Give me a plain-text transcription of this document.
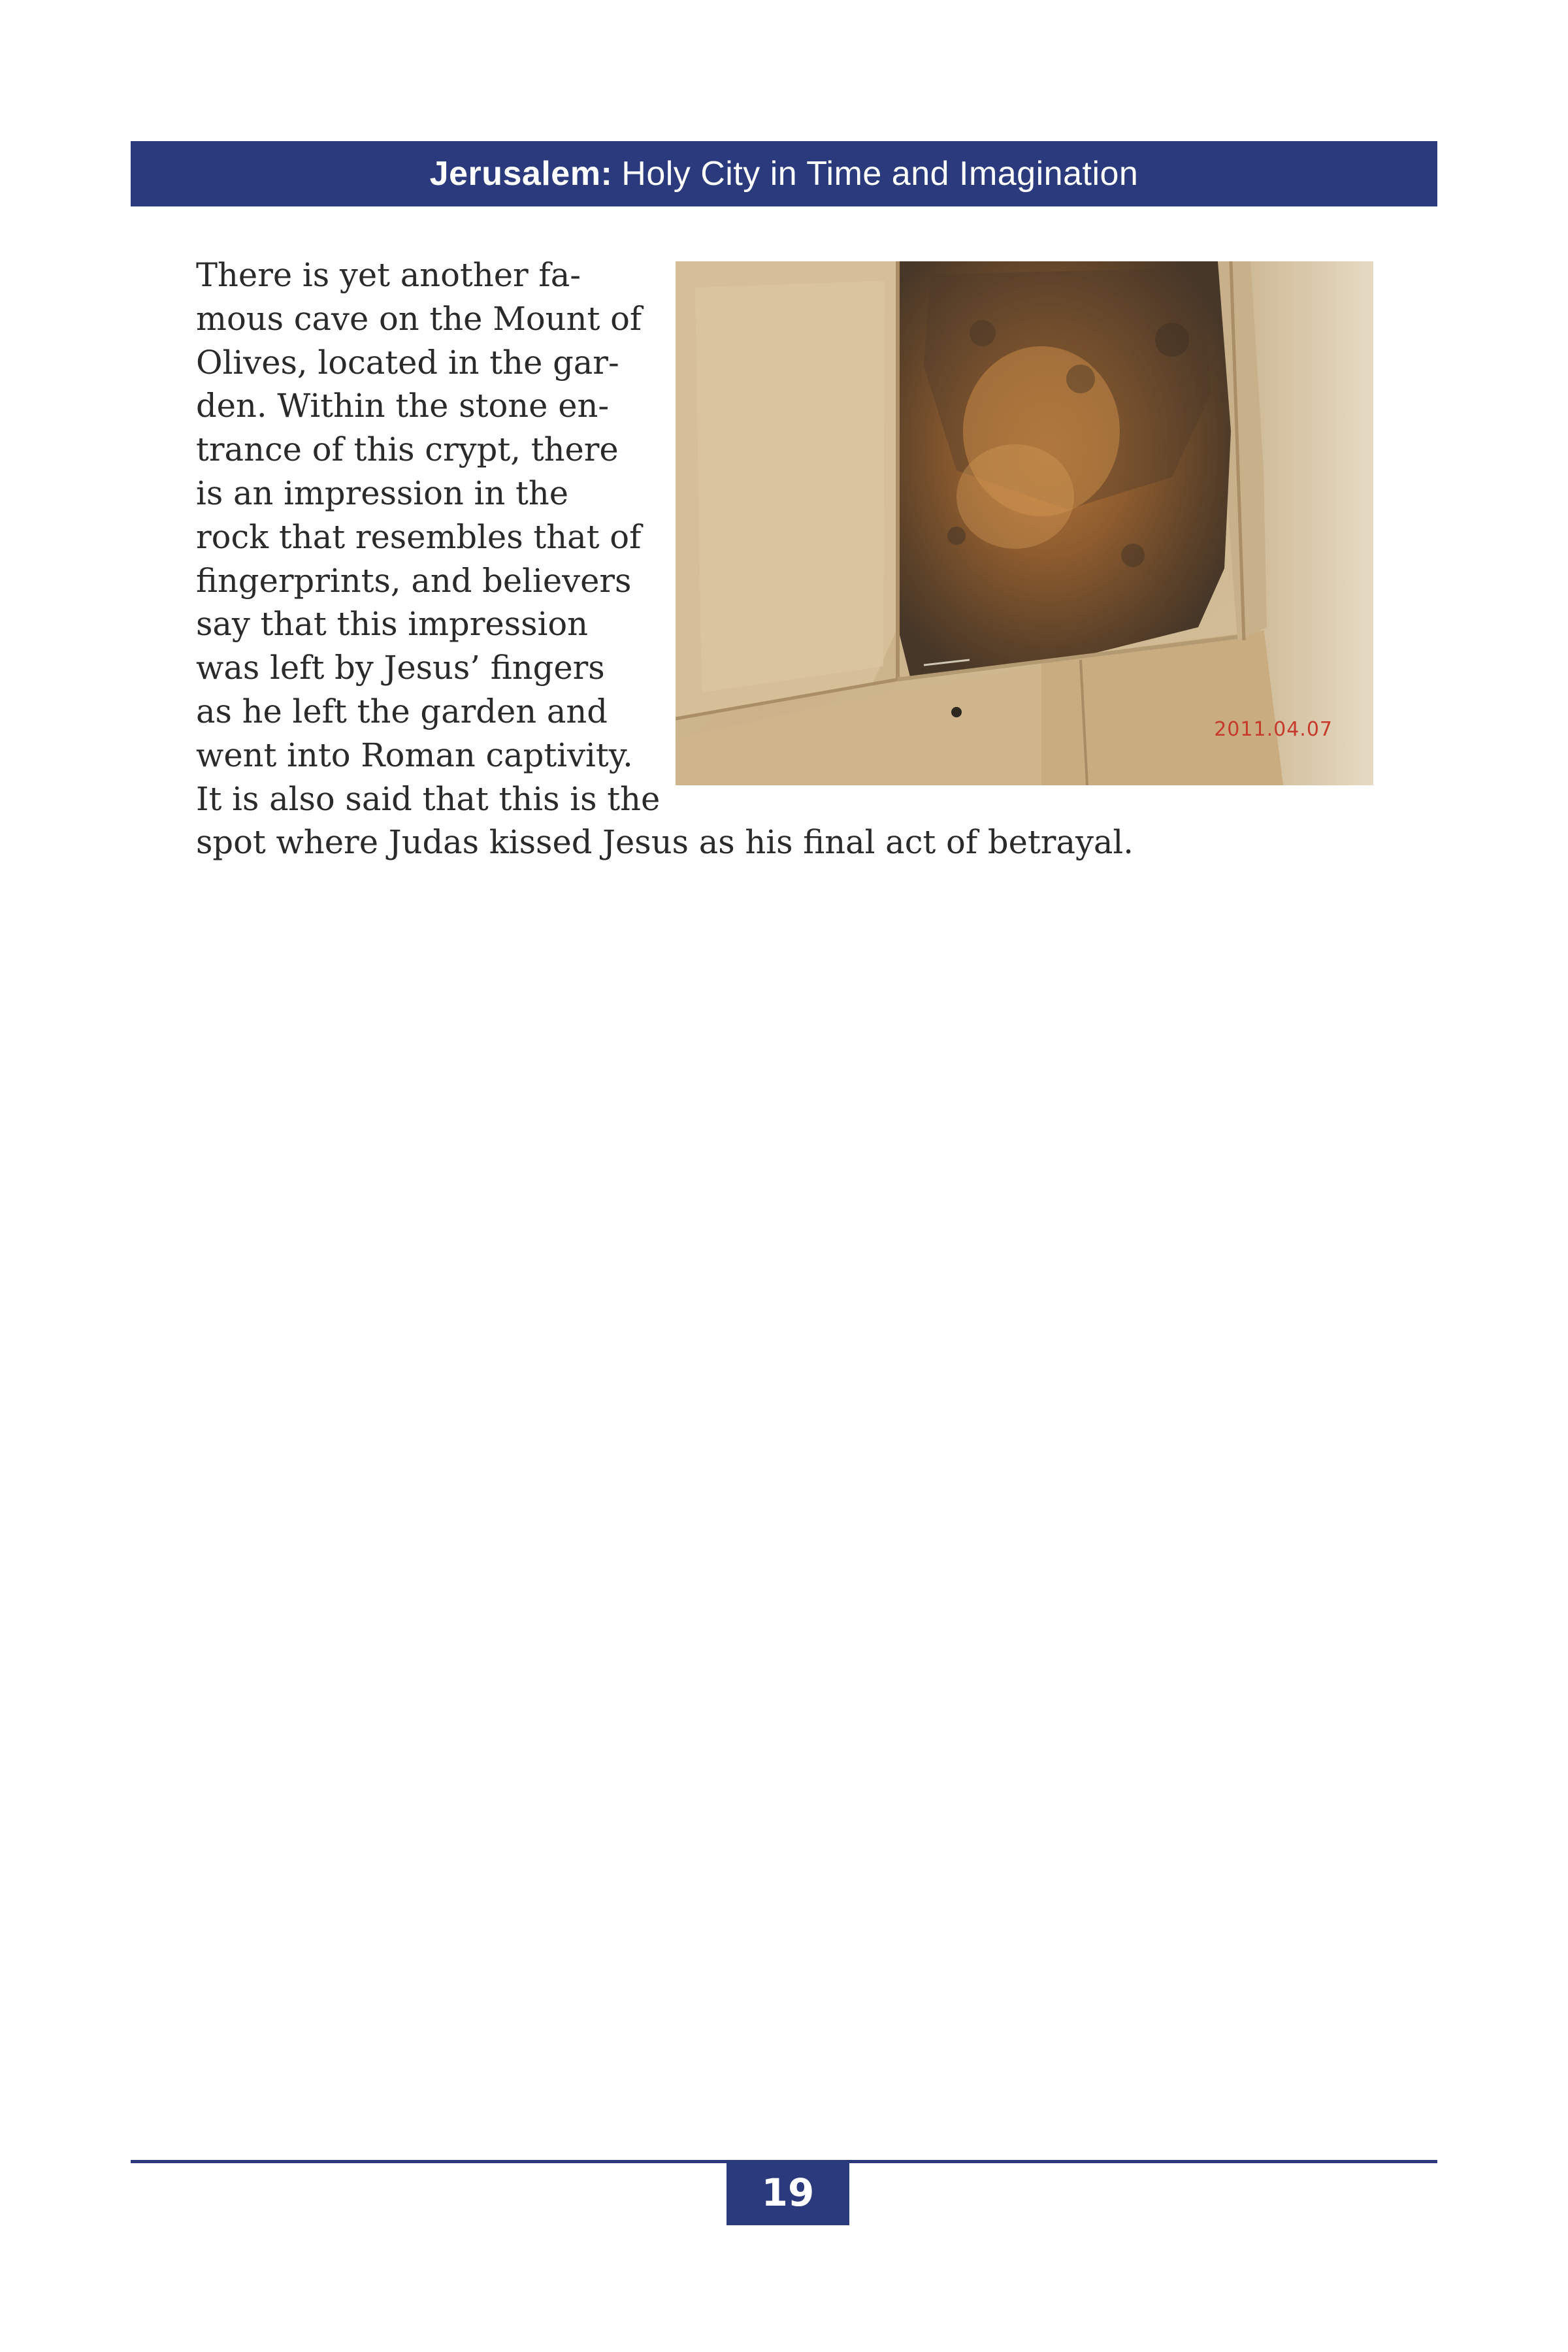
Jerusalem: Holy City in Time and Imagination
2011.04.07
There is yet another fa-
mous cave on the Mount of
Olives, located in the gar-
den. Within the stone en-
trance of this crypt, there
is an impression in the
rock that resembles that of
fingerprints, and believers
say that this impression
was left by Jesus’ fingers
as he left the garden and
went into Roman captivity.
It is also said that this is the
spot where Judas kissed Jesus as his final act of betrayal.
19
